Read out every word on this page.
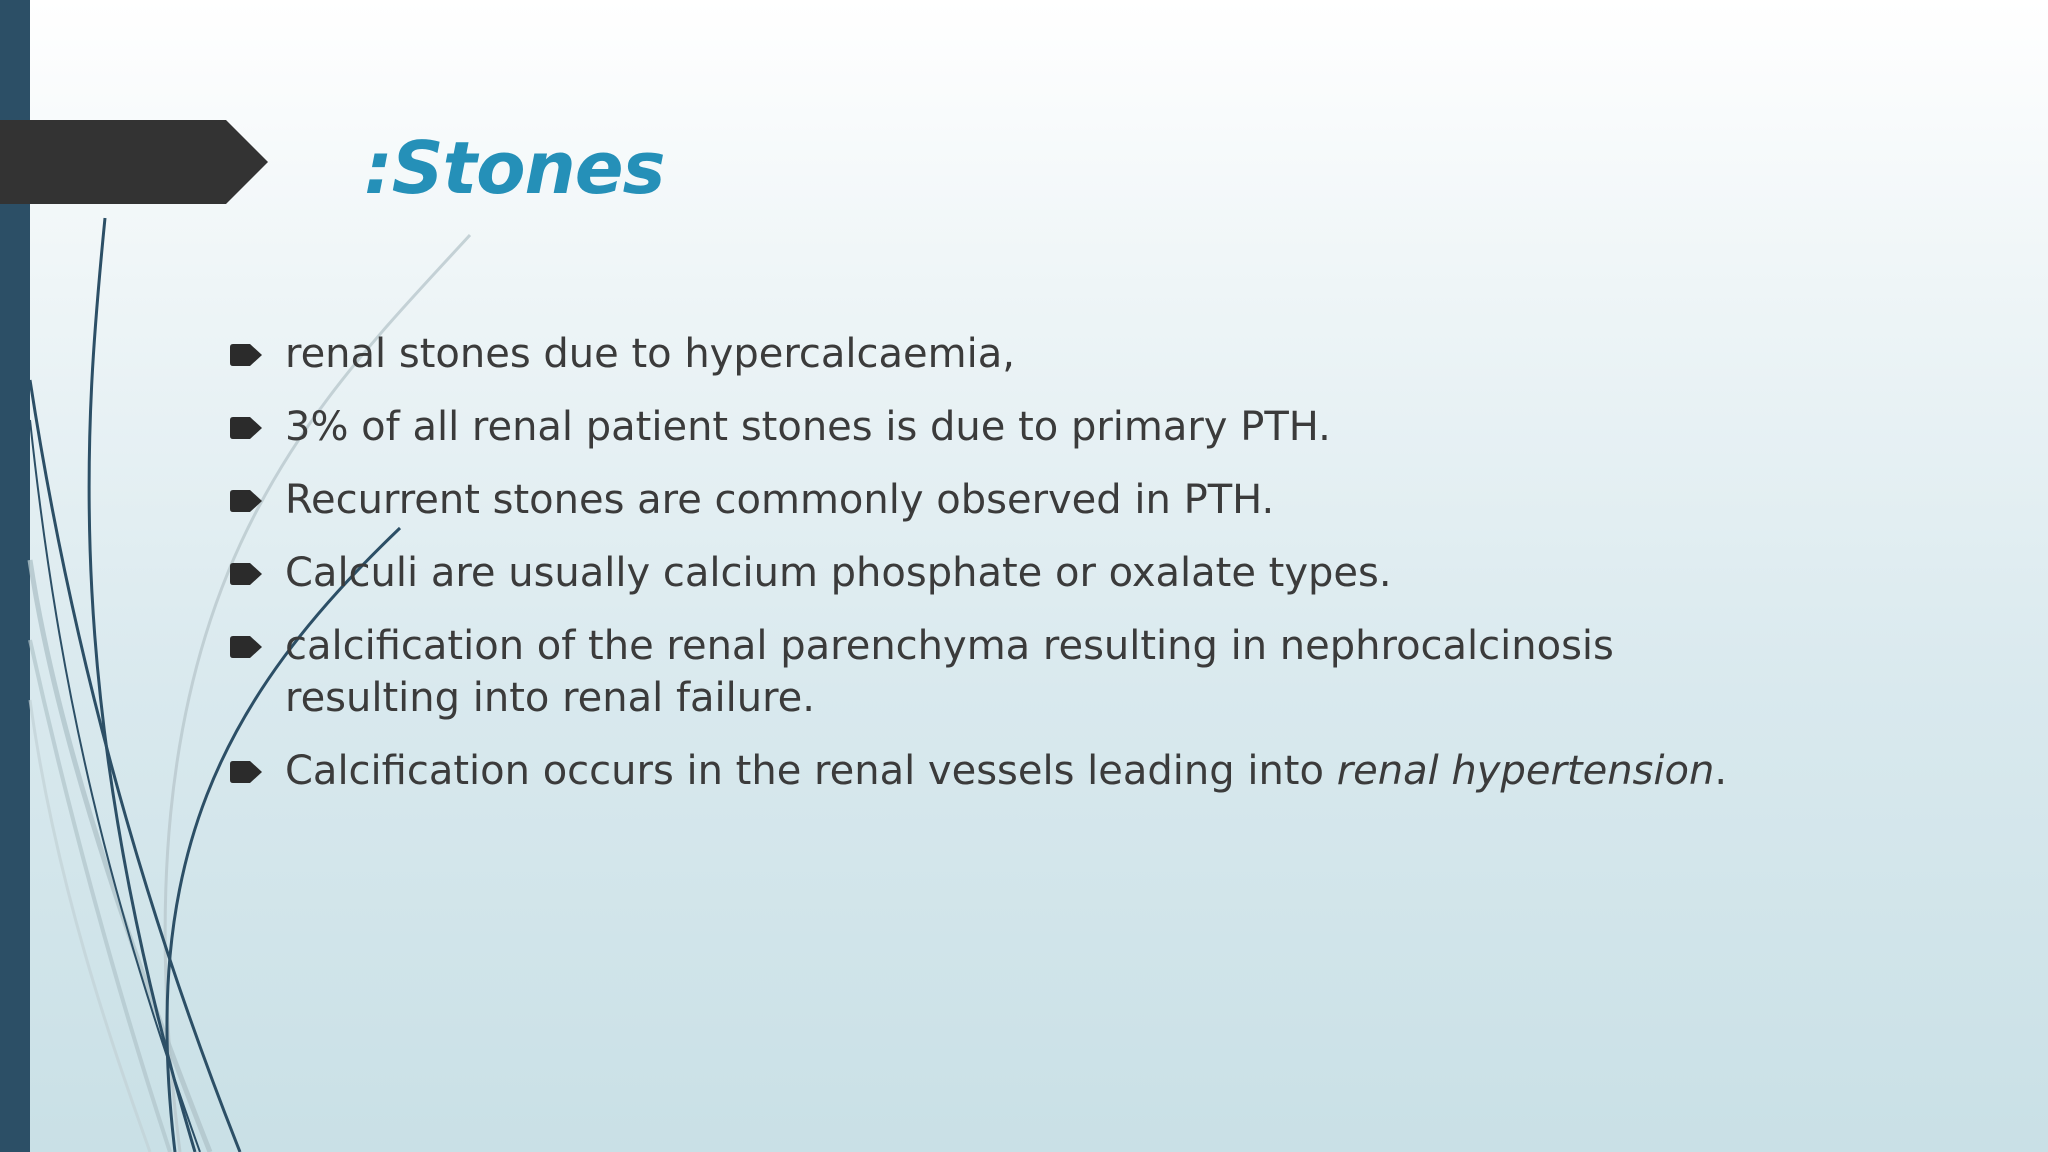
:Stones
renal stones due to hypercalcaemia,
3% of all renal patient stones is due to primary PTH.
Recurrent stones are commonly observed in PTH.
Calculi are usually calcium phosphate or oxalate types.
calcification of the renal parenchyma resulting in nephrocalcinosis resulting into renal failure.
Calcification occurs in the renal vessels leading into renal hypertension.
